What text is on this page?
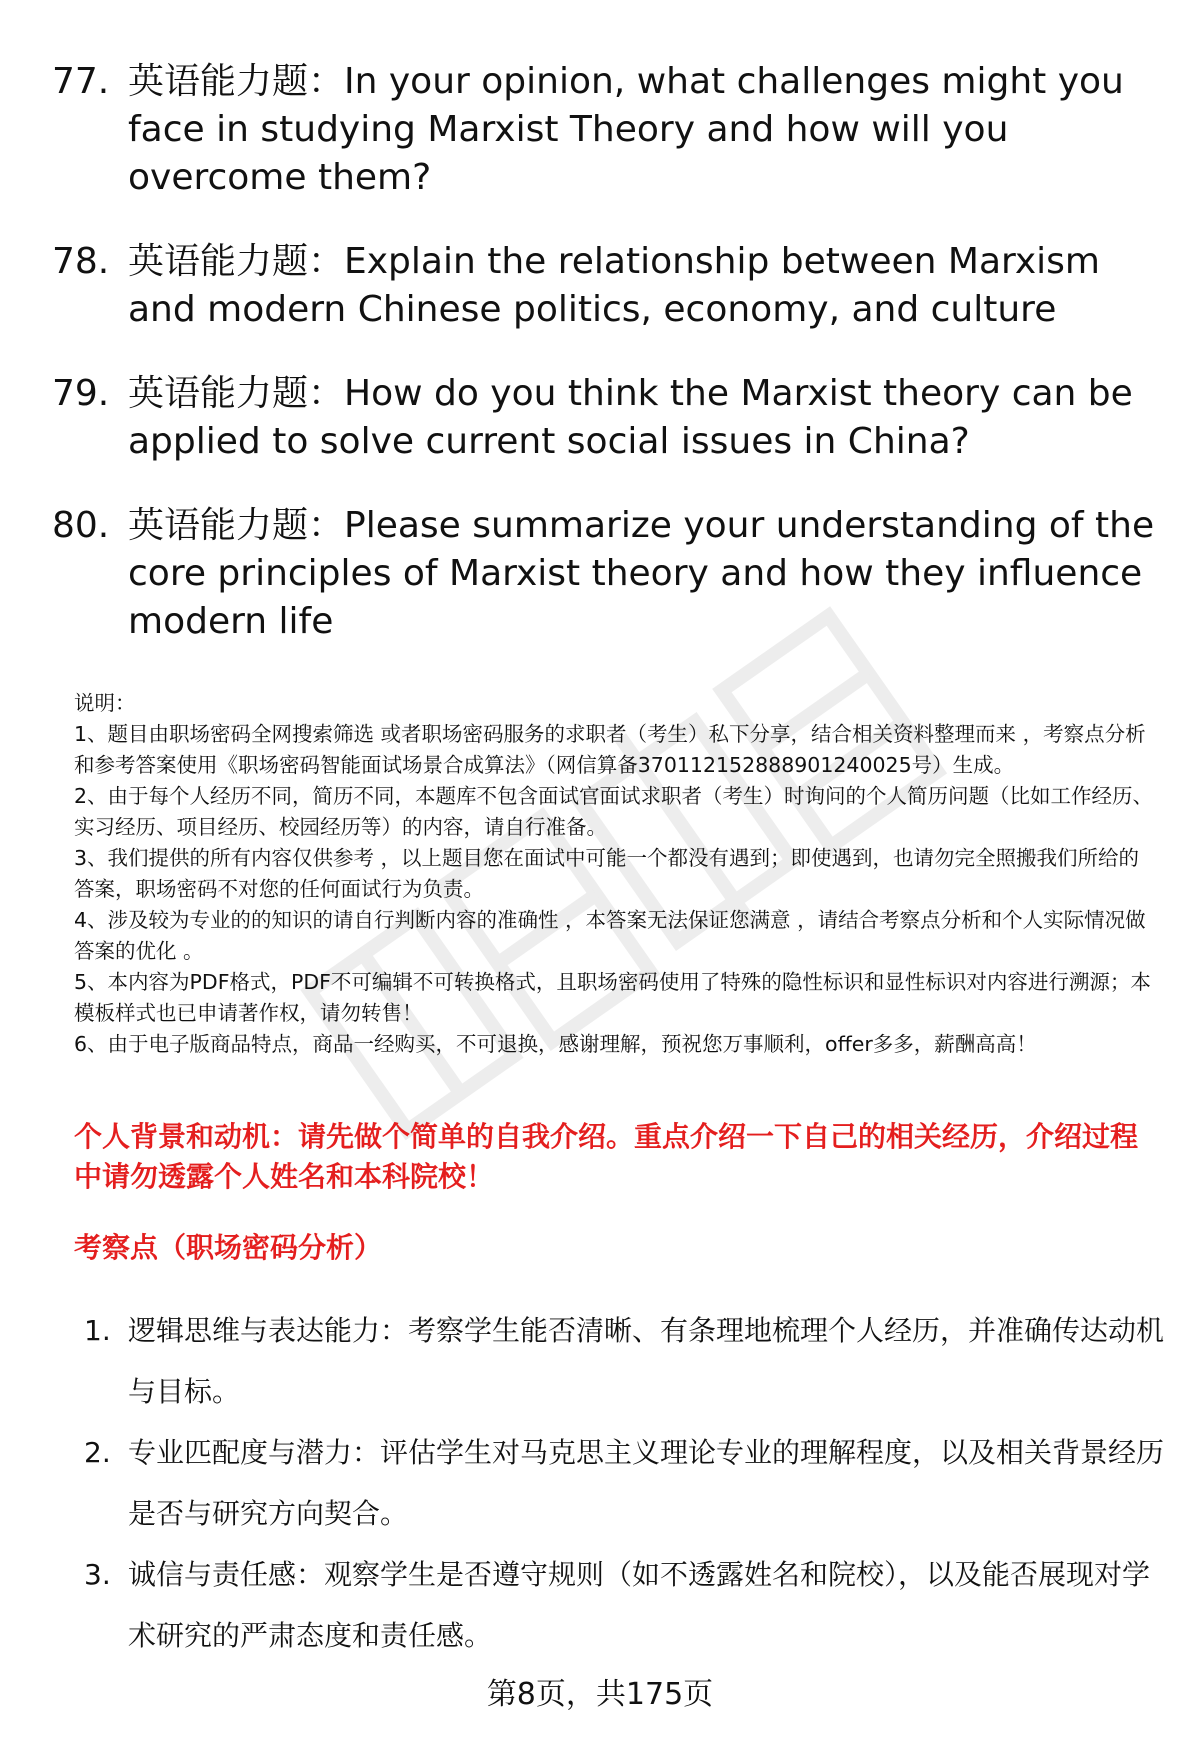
77. 英语能力题：In your opinion, what challenges might you face in studying Marxist Theory and how will you overcome them?
78. 英语能力题：Explain the relationship between Marxism and modern Chinese politics, economy, and culture
79. 英语能力题：How do you think the Marxist theory can be applied to solve current social issues in China?
80. 英语能力题：Please summarize your understanding of the core principles of Marxist theory and how they influence modern life

说明：

1、题目由职场密码全网搜索筛选 或者职场密码服务的求职者（考生）私下分享，结合相关资料整理而来 ，考察点分析和参考答案使用《职场密码智能面试场景合成算法》（网信算备370112152888901240025号）生成。

2、由于每个人经历不同，简历不同，本题库不包含面试官面试求职者（考生）时询问的个人简历问题（比如工作经历、实习经历、项目经历、校园经历等）的内容，请自行准备。

3、我们提供的所有内容仅供参考 ，以上题目您在面试中可能一个都没有遇到；即使遇到，也请勿完全照搬我们所给的答案，职场密码不对您的任何面试行为负责。

4、涉及较为专业的的知识的请自行判断内容的准确性 ，本答案无法保证您满意 ，请结合考察点分析和个人实际情况做答案的优化 。

5、本内容为PDF格式，PDF不可编辑不可转换格式，且职场密码使用了特殊的隐性标识和显性标识对内容进行溯源；本模板样式也已申请著作权，请勿转售！

6、由于电子版商品特点，商品一经购买，不可退换，感谢理解，预祝您万事顺利，offer多多，薪酬高高！

个人背景和动机：请先做个简单的自我介绍。重点介绍一下自己的相关经历，介绍过程中请勿透露个人姓名和本科院校！
考察点（职场密码分析）
1. 逻辑思维与表达能力：考察学生能否清晰、有条理地梳理个人经历，并准确传达动机与目标。
2. 专业匹配度与潜力：评估学生对马克思主义理论专业的理解程度，以及相关背景经历是否与研究方向契合。
3. 诚信与责任感：观察学生是否遵守规则（如不透露姓名和院校），以及能否展现对学术研究的严肃态度和责任感。
第8页，共175页
